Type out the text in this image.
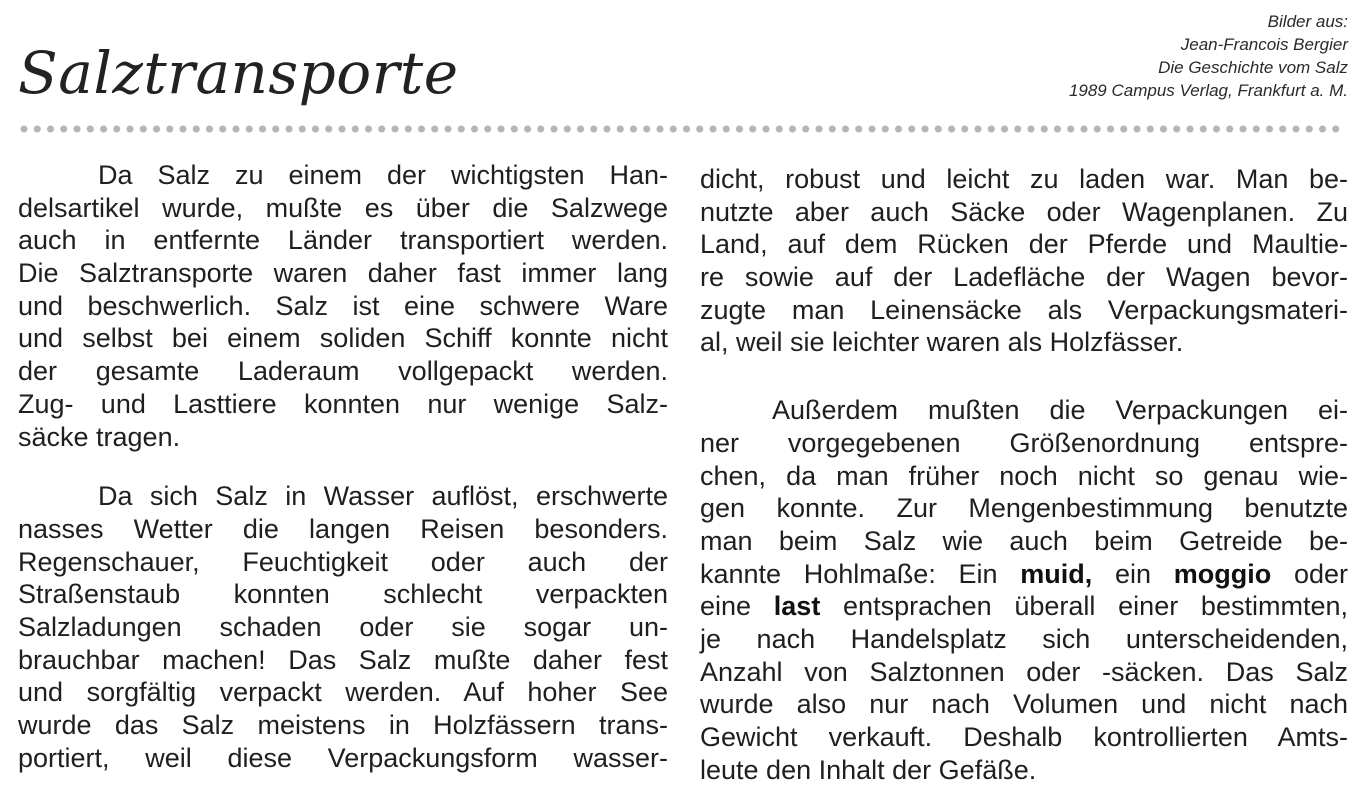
Salztransporte
Bilder aus:
Jean-Francois Bergier
Die Geschichte vom Salz
1989 Campus Verlag, Frankfurt a. M.
Da Salz zu einem der wichtigsten Han-
delsartikel wurde, mußte es über die Salzwege
auch in entfernte Länder transportiert werden.
Die Salztransporte waren daher fast immer lang
und beschwerlich. Salz ist eine schwere Ware
und selbst bei einem soliden Schiff konnte nicht
der gesamte Laderaum vollgepackt werden.
Zug- und Lasttiere konnten nur wenige Salz-
säcke tragen.
Da sich Salz in Wasser auflöst, erschwerte
nasses Wetter die langen Reisen besonders.
Regenschauer, Feuchtigkeit oder auch der
Straßenstaub konnten schlecht verpackten
Salzladungen schaden oder sie sogar un-
brauchbar machen! Das Salz mußte daher fest
und sorgfältig verpackt werden. Auf hoher See
wurde das Salz meistens in Holzfässern trans-
portiert, weil diese Verpackungsform wasser-
dicht, robust und leicht zu laden war. Man be-
nutzte aber auch Säcke oder Wagenplanen. Zu
Land, auf dem Rücken der Pferde und Maultie-
re sowie auf der Ladefläche der Wagen bevor-
zugte man Leinensäcke als Verpackungsmateri-
al, weil sie leichter waren als Holzfässer.
Außerdem mußten die Verpackungen ei-
ner vorgegebenen Größenordnung entspre-
chen, da man früher noch nicht so genau wie-
gen konnte. Zur Mengenbestimmung benutzte
man beim Salz wie auch beim Getreide be-
kannte Hohlmaße: Ein muid, ein moggio oder
eine last entsprachen überall einer bestimmten,
je nach Handelsplatz sich unterscheidenden,
Anzahl von Salztonnen oder -säcken. Das Salz
wurde also nur nach Volumen und nicht nach
Gewicht verkauft. Deshalb kontrollierten Amts-
leute den Inhalt der Gefäße.
